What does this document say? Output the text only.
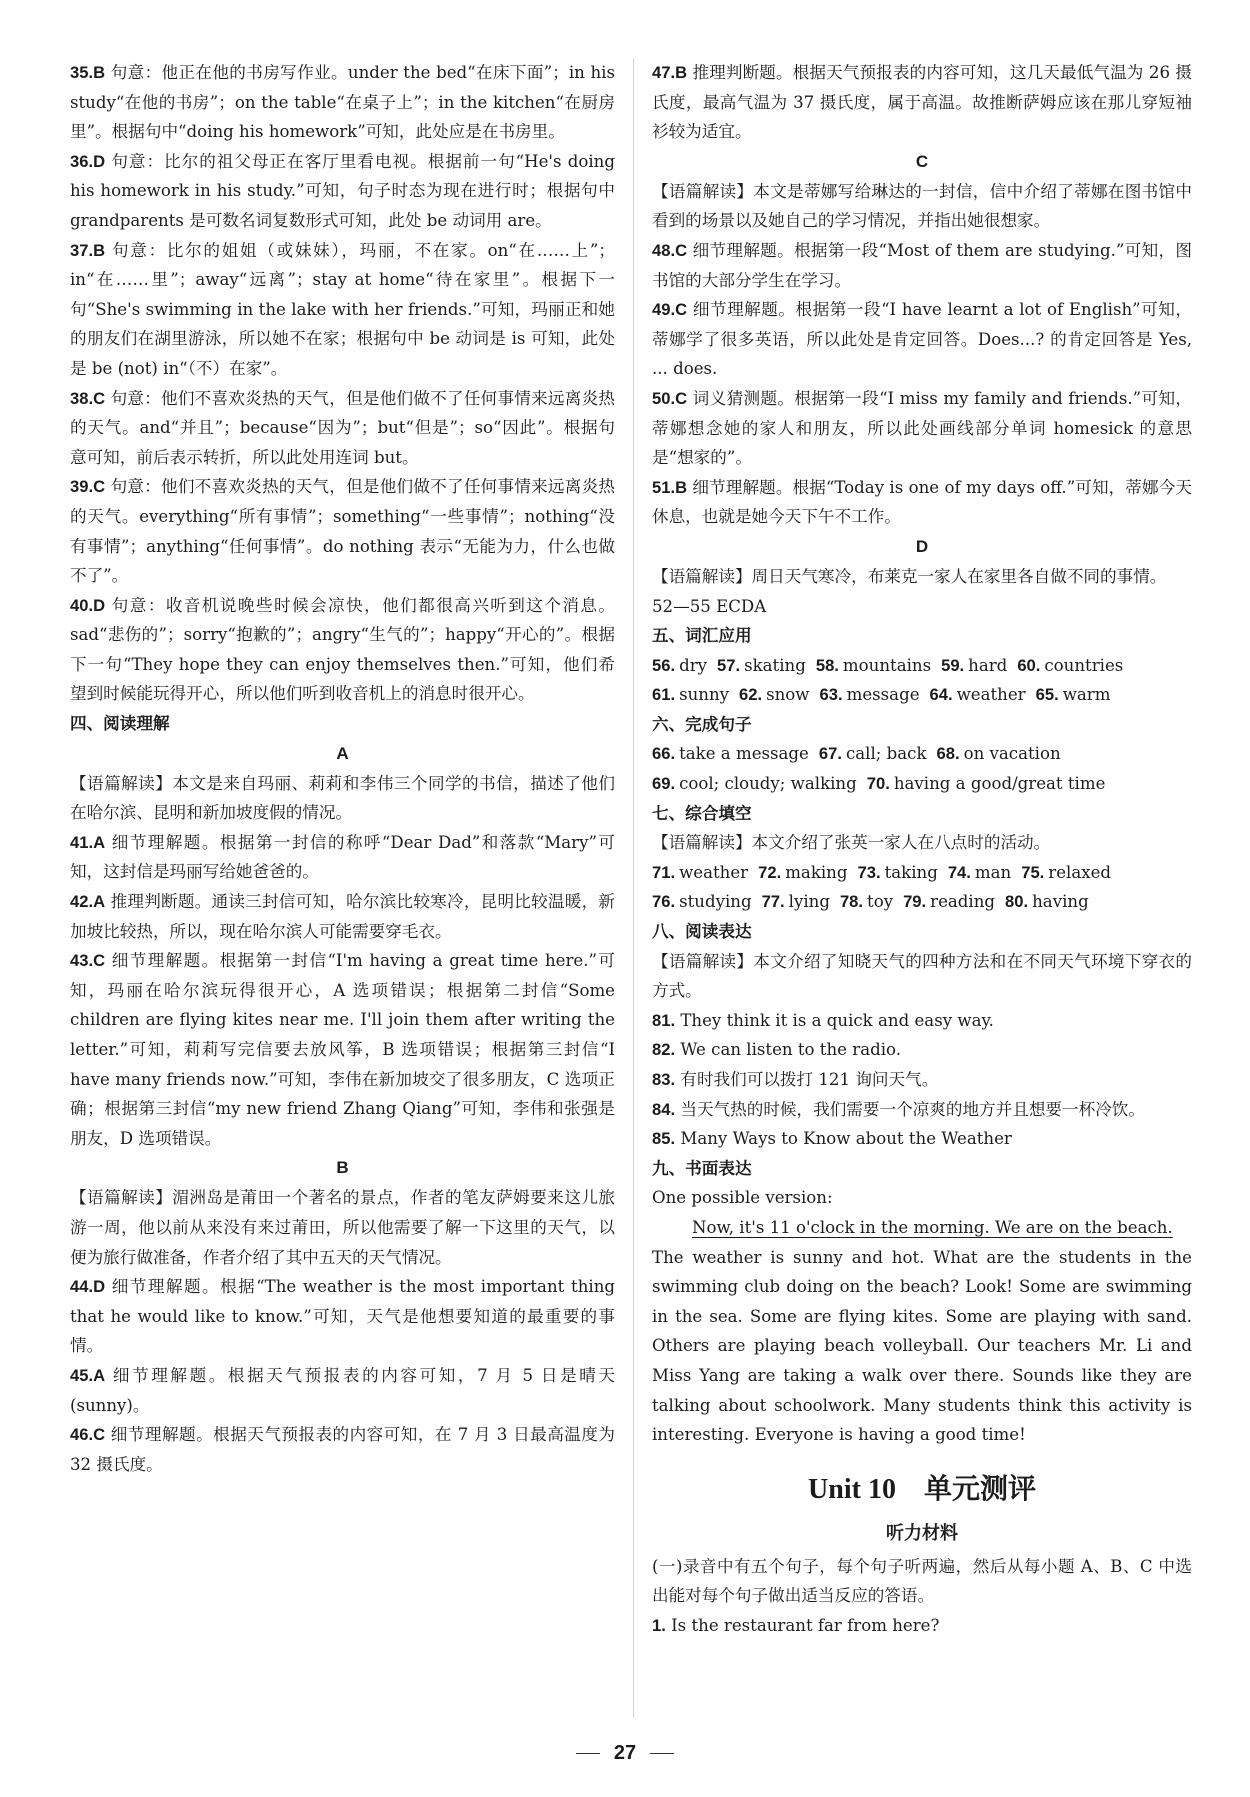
35.B 句意：他正在他的书房写作业。under the bed“在床下面”；in his study“在他的书房”；on the table“在桌子上”；in the kitchen“在厨房里”。根据句中“doing his homework”可知，此处应是在书房里。

36.D 句意：比尔的祖父母正在客厅里看电视。根据前一句“He's doing his homework in his study.”可知，句子时态为现在进行时；根据句中 grandparents 是可数名词复数形式可知，此处 be 动词用 are。

37.B 句意：比尔的姐姐（或妹妹），玛丽，不在家。on“在……上”；in“在……里”；away“远离”；stay at home“待在家里”。根据下一句“She's swimming in the lake with her friends.”可知，玛丽正和她的朋友们在湖里游泳，所以她不在家；根据句中 be 动词是 is 可知，此处是 be (not) in“（不）在家”。

38.C 句意：他们不喜欢炎热的天气，但是他们做不了任何事情来远离炎热的天气。and“并且”；because“因为”；but“但是”；so“因此”。根据句意可知，前后表示转折，所以此处用连词 but。

39.C 句意：他们不喜欢炎热的天气，但是他们做不了任何事情来远离炎热的天气。everything“所有事情”；something“一些事情”；nothing“没有事情”；anything“任何事情”。do nothing 表示“无能为力，什么也做不了”。

40.D 句意：收音机说晚些时候会凉快，他们都很高兴听到这个消息。sad“悲伤的”；sorry“抱歉的”；angry“生气的”；happy“开心的”。根据下一句“They hope they can enjoy themselves then.”可知，他们希望到时候能玩得开心，所以他们听到收音机上的消息时很开心。

四、阅读理解

A

【语篇解读】本文是来自玛丽、莉莉和李伟三个同学的书信，描述了他们在哈尔滨、昆明和新加坡度假的情况。

41.A 细节理解题。根据第一封信的称呼“Dear Dad”和落款“Mary”可知，这封信是玛丽写给她爸爸的。

42.A 推理判断题。通读三封信可知，哈尔滨比较寒冷，昆明比较温暖，新加坡比较热，所以，现在哈尔滨人可能需要穿毛衣。

43.C 细节理解题。根据第一封信“I'm having a great time here.”可知，玛丽在哈尔滨玩得很开心，A 选项错误；根据第二封信“Some children are flying kites near me. I'll join them after writing the letter.”可知，莉莉写完信要去放风筝，B 选项错误；根据第三封信“I have many friends now.”可知，李伟在新加坡交了很多朋友，C 选项正确；根据第三封信“my new friend Zhang Qiang”可知，李伟和张强是朋友，D 选项错误。

B

【语篇解读】湄洲岛是莆田一个著名的景点，作者的笔友萨姆要来这儿旅游一周，他以前从来没有来过莆田，所以他需要了解一下这里的天气，以便为旅行做准备，作者介绍了其中五天的天气情况。

44.D 细节理解题。根据“The weather is the most important thing that he would like to know.”可知，天气是他想要知道的最重要的事情。

45.A 细节理解题。根据天气预报表的内容可知，7 月 5 日是晴天(sunny)。

46.C 细节理解题。根据天气预报表的内容可知，在 7 月 3 日最高温度为 32 摄氏度。

47.B 推理判断题。根据天气预报表的内容可知，这几天最低气温为 26 摄氏度，最高气温为 37 摄氏度，属于高温。故推断萨姆应该在那儿穿短袖衫较为适宜。

C

【语篇解读】本文是蒂娜写给琳达的一封信，信中介绍了蒂娜在图书馆中看到的场景以及她自己的学习情况，并指出她很想家。

48.C 细节理解题。根据第一段“Most of them are studying.”可知，图书馆的大部分学生在学习。

49.C 细节理解题。根据第一段“I have learnt a lot of English”可知，蒂娜学了很多英语，所以此处是肯定回答。Does...? 的肯定回答是 Yes, ... does.

50.C 词义猜测题。根据第一段“I miss my family and friends.”可知，蒂娜想念她的家人和朋友，所以此处画线部分单词 homesick 的意思是“想家的”。

51.B 细节理解题。根据“Today is one of my days off.”可知，蒂娜今天休息，也就是她今天下午不工作。

D

【语篇解读】周日天气寒冷，布莱克一家人在家里各自做不同的事情。

52—55 ECDA

五、词汇应用

56. dry 57. skating 58. mountains 59. hard 60. countries

61. sunny 62. snow 63. message 64. weather 65. warm

六、完成句子

66. take a message 67. call; back 68. on vacation

69. cool; cloudy; walking 70. having a good/great time

七、综合填空

【语篇解读】本文介绍了张英一家人在八点时的活动。

71. weather 72. making 73. taking 74. man 75. relaxed

76. studying 77. lying 78. toy 79. reading 80. having

八、阅读表达

【语篇解读】本文介绍了知晓天气的四种方法和在不同天气环境下穿衣的方式。

81. They think it is a quick and easy way.

82. We can listen to the radio.

83. 有时我们可以拨打 121 询问天气。

84. 当天气热的时候，我们需要一个凉爽的地方并且想要一杯冷饮。

85. Many Ways to Know about the Weather

九、书面表达

One possible version:

Now, it's 11 o'clock in the morning. We are on the beach.

The weather is sunny and hot. What are the students in the swimming club doing on the beach? Look! Some are swimming in the sea. Some are flying kites. Some are playing with sand. Others are playing beach volleyball. Our teachers Mr. Li and Miss Yang are taking a walk over there. Sounds like they are talking about schoolwork. Many students think this activity is interesting. Everyone is having a good time!

Unit 10　单元测评
听力材料

(一)录音中有五个句子，每个句子听两遍，然后从每小题 A、B、C 中选出能对每个句子做出适当反应的答语。

1. Is the restaurant far from here?

27
